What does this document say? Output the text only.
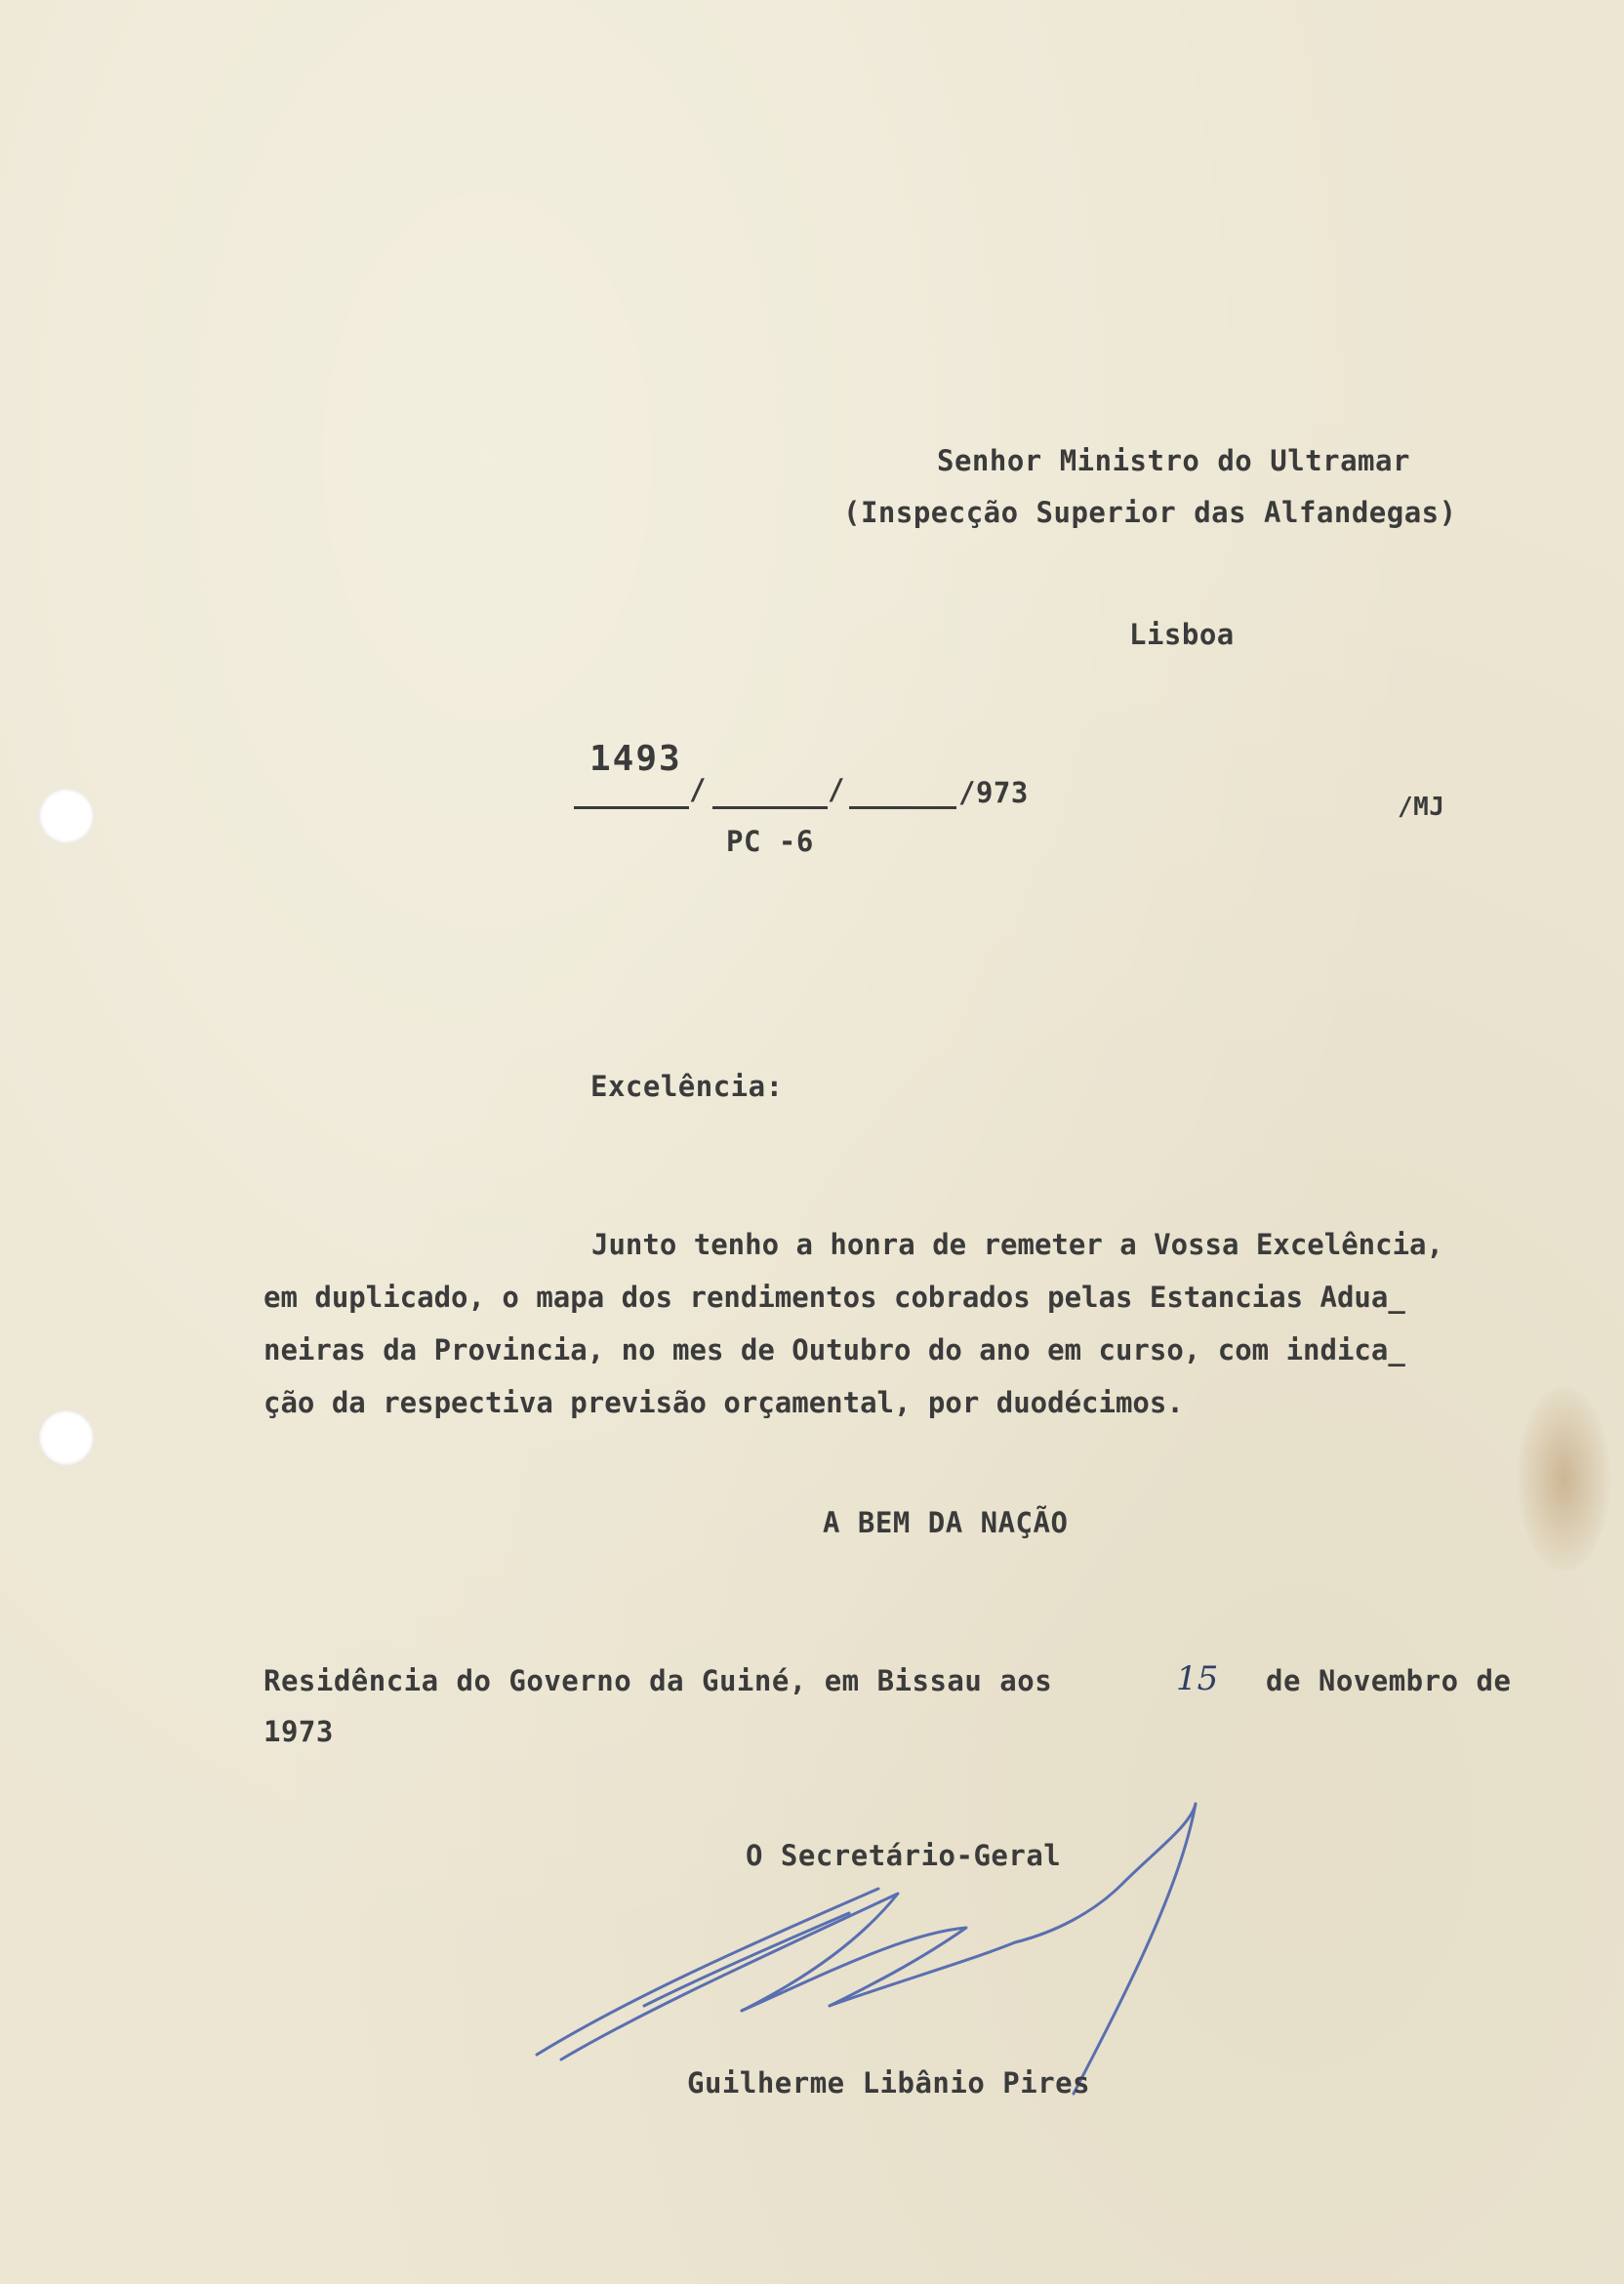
Senhor Ministro do Ultramar
(Inspecção Superior das Alfandegas)
Lisboa
1493
/	/	/973
PC -6
/MJ
Excelência:
Junto tenho a honra de remeter a Vossa Excelência,
em duplicado, o mapa dos rendimentos cobrados pelas Estancias Adua_
neiras da Provincia, no mes de Outubro do ano em curso, com indica_
ção da respectiva previsão orçamental, por duodécimos.
A BEM DA NAÇÃO
Residência do Governo da Guiné, em Bissau aos	15 de Novembro de
1973
O Secretário-Geral
Guilherme Libânio Pires
